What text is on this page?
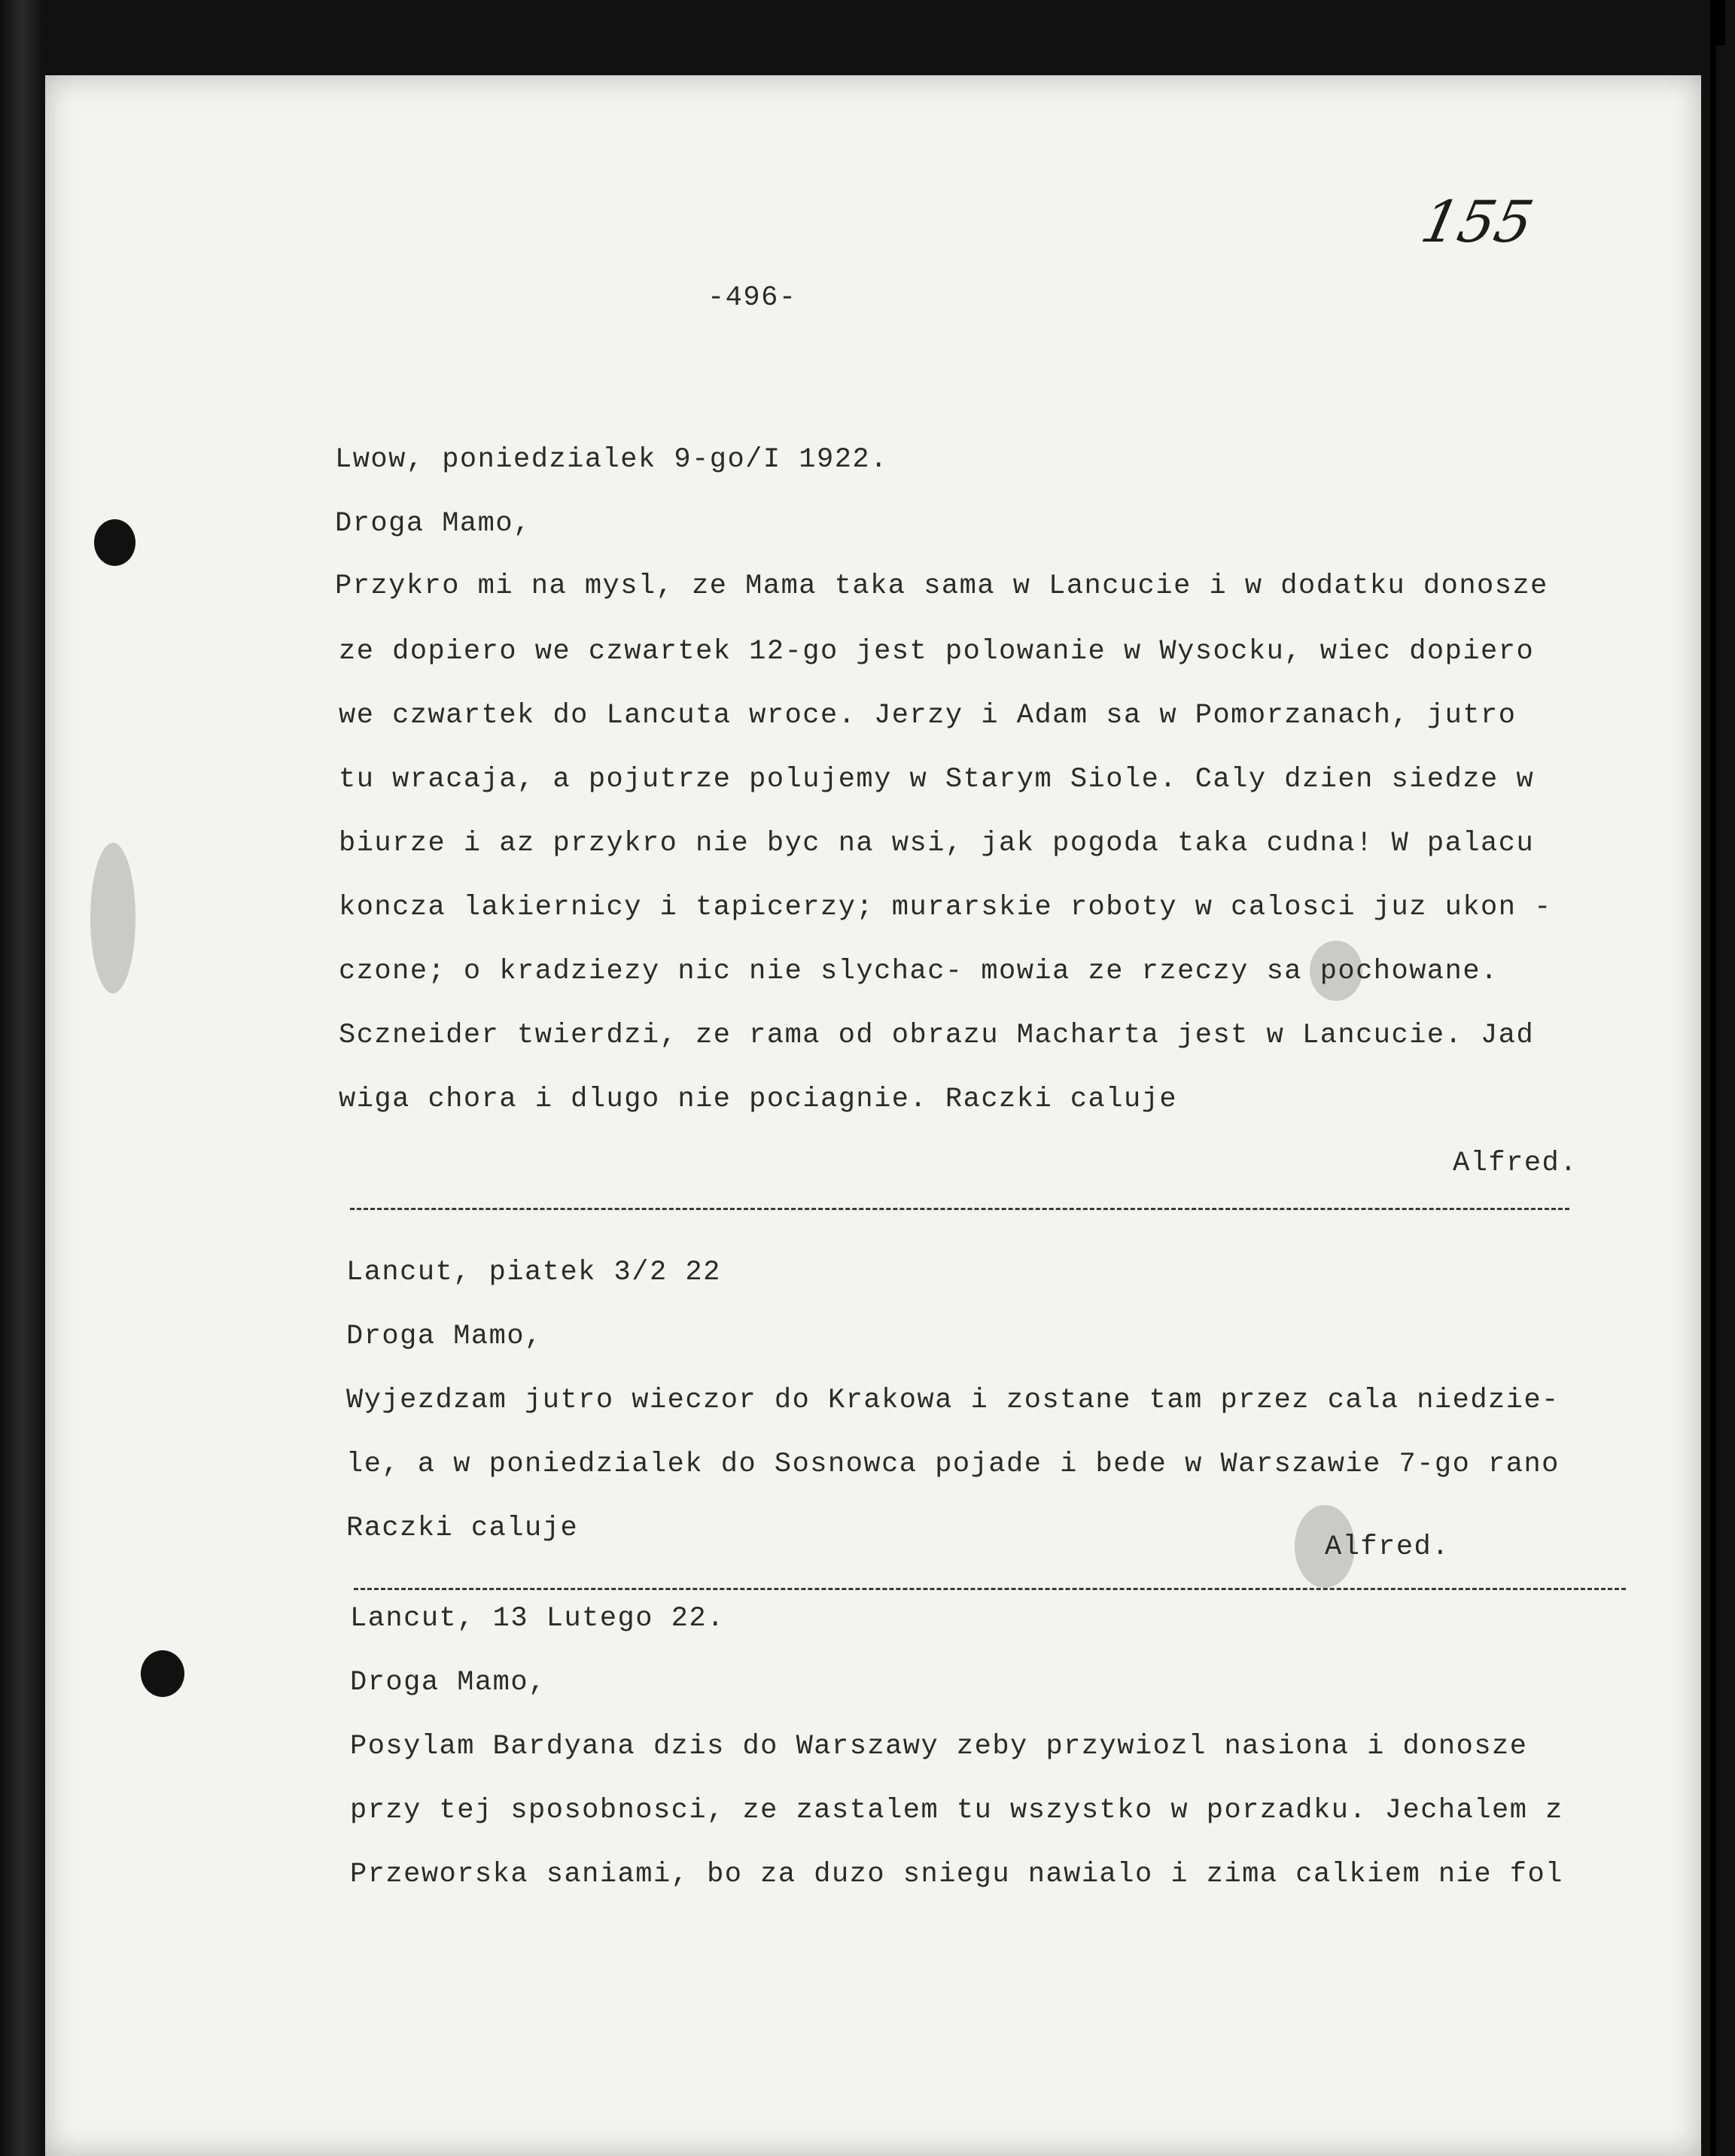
155

-496-

Lwow, poniedzialek 9-go/I 1922.

Droga Mamo,

Przykro mi na mysl, ze Mama taka sama w Lancucie i w dodatku donosze

ze dopiero we czwartek 12-go jest polowanie w Wysocku, wiec dopiero

we czwartek do Lancuta wroce. Jerzy i Adam sa w Pomorzanach, jutro

tu wracaja, a pojutrze polujemy w Starym Siole. Caly dzien siedze w

biurze i az przykro nie byc na wsi, jak pogoda taka cudna! W palacu

koncza lakiernicy i tapicerzy; murarskie roboty w calosci juz ukon -

czone; o kradziezy nic nie slychac- mowia ze rzeczy sa pochowane.

Sczneider twierdzi, ze rama od obrazu Macharta jest w Lancucie. Jad

wiga chora i dlugo nie pociagnie. Raczki caluje

Alfred.

Lancut, piatek 3/2 22

Droga Mamo,

Wyjezdzam jutro wieczor do Krakowa i zostane tam przez cala niedzie-

le, a w poniedzialek do Sosnowca pojade i bede w Warszawie 7-go rano

Raczki caluje

Alfred.

Lancut, 13 Lutego 22.

Droga Mamo,

Posylam Bardyana dzis do Warszawy zeby przywiozl nasiona i donosze

przy tej sposobnosci, ze zastalem tu wszystko w porzadku. Jechalem z

Przeworska saniami, bo za duzo sniegu nawialo i zima calkiem nie fol
